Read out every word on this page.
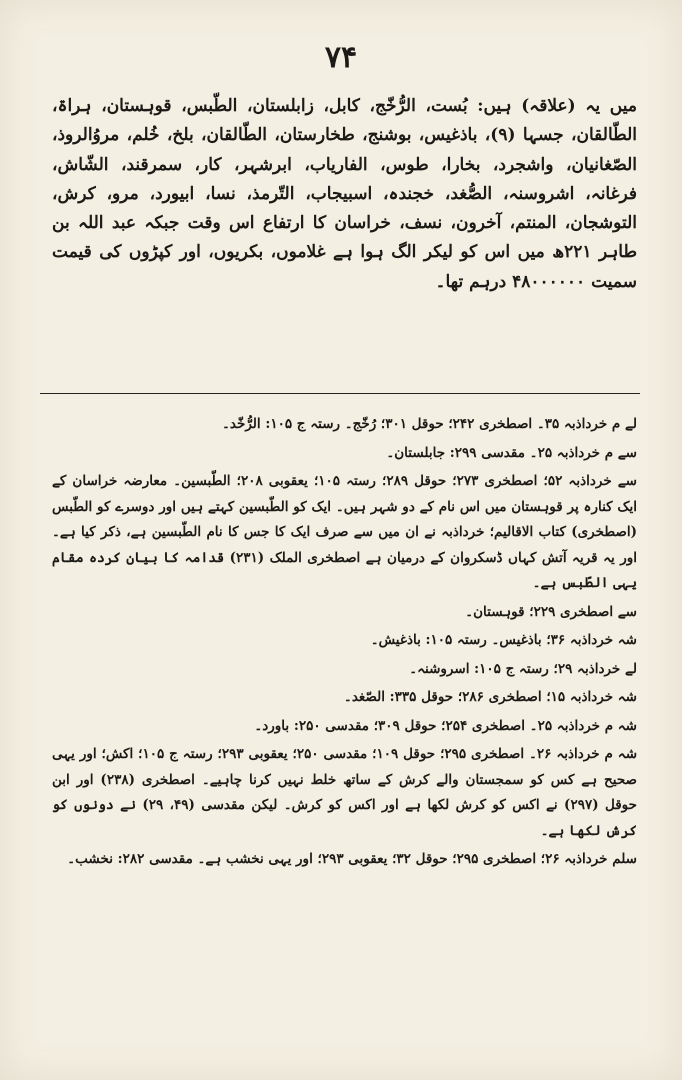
۷۴

میں یہ (علاقہ) ہیں: بُست، الرُّخّج، کابل، زابلستان، الطّبس، قوہستان، ہراۃ، الطّالقان، جسہا (۹)، باذغیس، بوشنج، طخارستان، الطّالقان، بلخ، خُلم، مروُالروذ، الصّغانیان، واشجرد، بخارا، طوس، الفاریاب، ابرشہر، کار، سمرقند، الشّاش، فرغانہ، اشروسنہ، الصُّغد، خجندہ، اسبیجاب، التّرمذ، نسا، ابیورد، مرو، کرش، التوشجان، المنتم، آخرون، نسف، خراسان کا ارتفاع اس وقت جبکہ عبد اللہ بن طاہر ۲۲۱ھ میں اس کو لیکر الگ ہوا ہے غلاموں، بکریوں، اور کپڑوں کی قیمت سمیت ۴۸۰۰۰۰۰۰ درہم تھا۔

لے م خرداذبہ ۳۵۔ اصطخری ۲۴۲؛ حوقل ۳۰۱؛ رُخّج۔ رستہ ج ۱۰۵: الرُّخّد۔

سے م خرداذبہ ۲۵۔ مقدسی ۲۹۹: جابلستان۔

سے خرداذبہ ۵۲؛ اصطخری ۲۷۳؛ حوقل ۲۸۹؛ رستہ ۱۰۵؛ یعقوبی ۲۰۸؛ الطّبسین۔ معارضہ خراسان کے ایک کنارہ پر قوہستان میں اس نام کے دو شہر ہیں۔ ایک کو الطّبسین کہتے ہیں اور دوسرے کو الطّبس (اصطخری) کتاب الاقالیم؛ خرداذبہ نے ان میں سے صرف ایک کا جس کا نام الطّبسین ہے، ذکر کیا ہے۔ اور یہ قریہ آتش کہاں ڈسکروان کے درمیان ہے اصطخری الملک (۲۳۱) قدامہ کا بیان کردہ مقام یہی الطّبس ہے۔

سے اصطخری ۲۲۹؛ قوہستان۔

شہ خرداذبہ ۳۶؛ باذغیس۔ رستہ ۱۰۵: باذغیش۔

لے خرداذبہ ۲۹؛ رستہ ج ۱۰۵: اسروشنہ۔

شہ خرداذبہ ۱۵؛ اصطخری ۲۸۶؛ حوقل ۳۳۵: الصّغد۔

شہ م خرداذبہ ۲۵۔ اصطخری ۲۵۴؛ حوقل ۳۰۹؛ مقدسی ۲۵۰: باورد۔

شہ م خرداذبہ ۲۶۔ اصطخری ۲۹۵؛ حوقل ۱۰۹؛ مقدسی ۲۵۰؛ یعقوبی ۲۹۳؛ رستہ ج ۱۰۵؛ اکش؛ اور یہی صحیح ہے کس کو سمجستان والے کرش کے ساتھ خلط نہیں کرنا چاہیے۔ اصطخری (۲۳۸) اور ابن حوقل (۲۹۷) نے اکس کو کرش لکھا ہے اور اکس کو کرش۔ لیکن مقدسی (۴۹، ۲۹) نے دونوں کو کرش لکھا ہے۔

سلم خرداذبہ ۲۶؛ اصطخری ۲۹۵؛ حوقل ۳۲؛ یعقوبی ۲۹۳؛ اور یہی نخشب ہے۔ مقدسی ۲۸۲: نخشب۔
